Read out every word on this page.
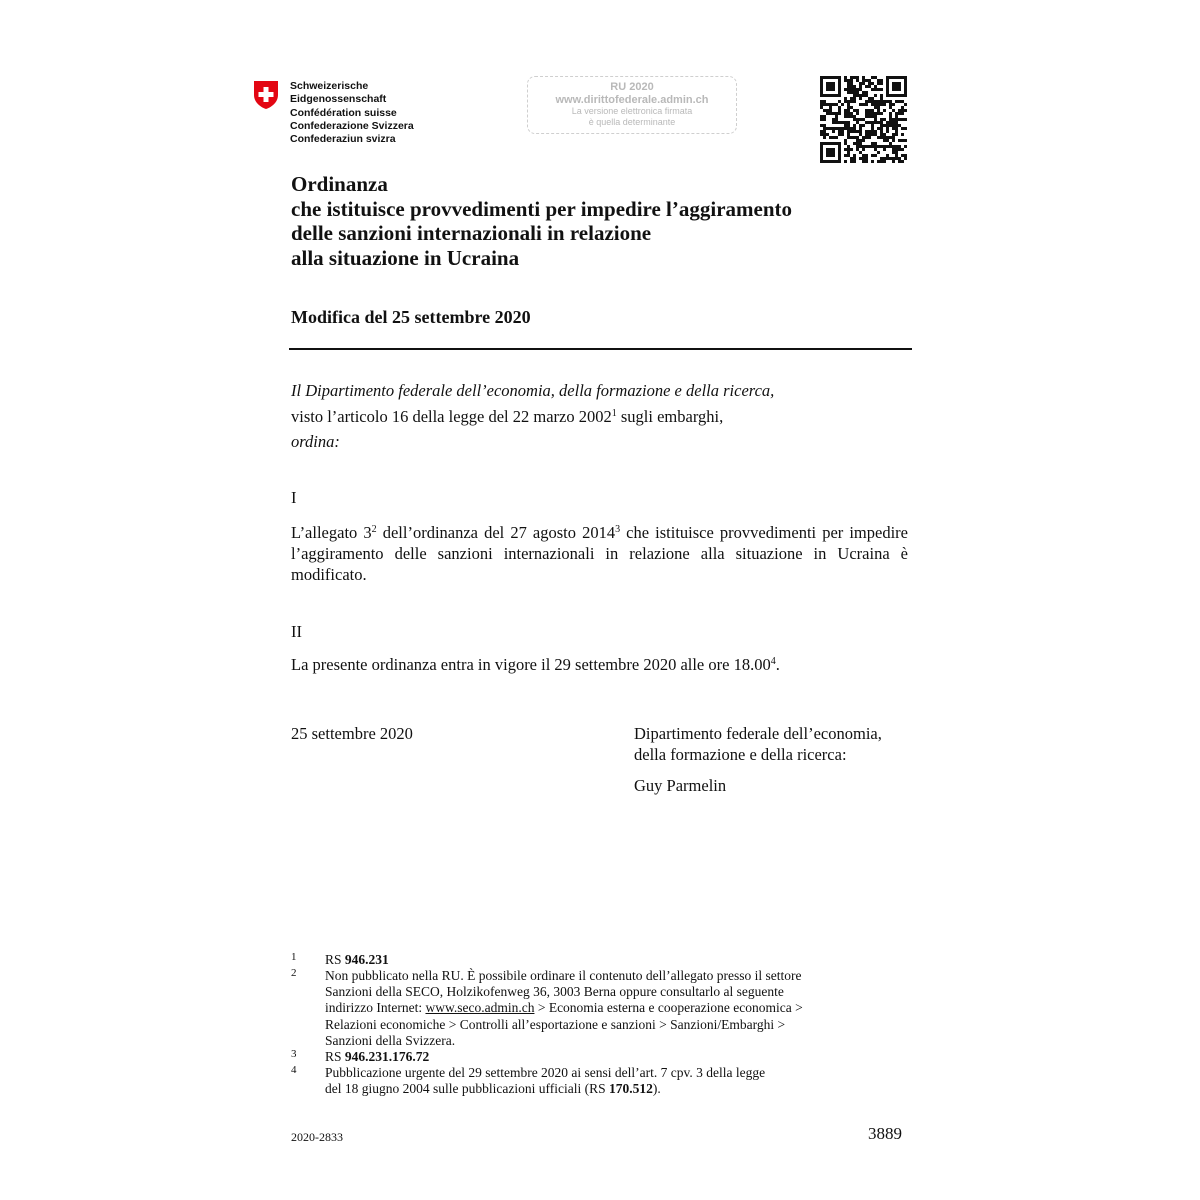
Schweizerische Eidgenossenschaft
Confédération suisse
Confederazione Svizzera
Confederaziun svizra
RU 2020
www.dirittofederale.admin.ch
La versione elettronica firmata
è quella determinante
Ordinanza
che istituisce provvedimenti per impedire l’aggiramento
delle sanzioni internazionali in relazione
alla situazione in Ucraina
Modifica del 25 settembre 2020
Il Dipartimento federale dell’economia, della formazione e della ricerca,
visto l’articolo 16 della legge del 22 marzo 2002$^1$ sugli embarghi,
ordina:
I
L’allegato $3^2$ dell’ordinanza del 27 agosto 2014$^3$ che istituisce provvedimenti per impedire l’aggiramento delle sanzioni internazionali in relazione alla situazione in Ucraina è modificato.
II
La presente ordinanza entra in vigore il 29 settembre 2020 alle ore 18.00$^4$.
25 settembre 2020	Dipartimento federale dell’economia,
della formazione e della ricerca:
Guy Parmelin
1	RS 946.231
2	Non pubblicato nella RU. È possibile ordinare il contenuto dell’allegato presso il settore
Sanzioni della SECO, Holzikofenweg 36, 3003 Berna oppure consultarlo al seguente
indirizzo Internet: www.seco.admin.ch > Economia esterna e cooperazione economica >
Relazioni economiche > Controlli all’esportazione e sanzioni > Sanzioni/Embarghi >
Sanzioni della Svizzera.
3	RS 946.231.176.72
4	Pubblicazione urgente del 29 settembre 2020 ai sensi dell’art. 7 cpv. 3 della legge
del 18 giugno 2004 sulle pubblicazioni ufficiali (RS 170.512).
2020-2833	3889
